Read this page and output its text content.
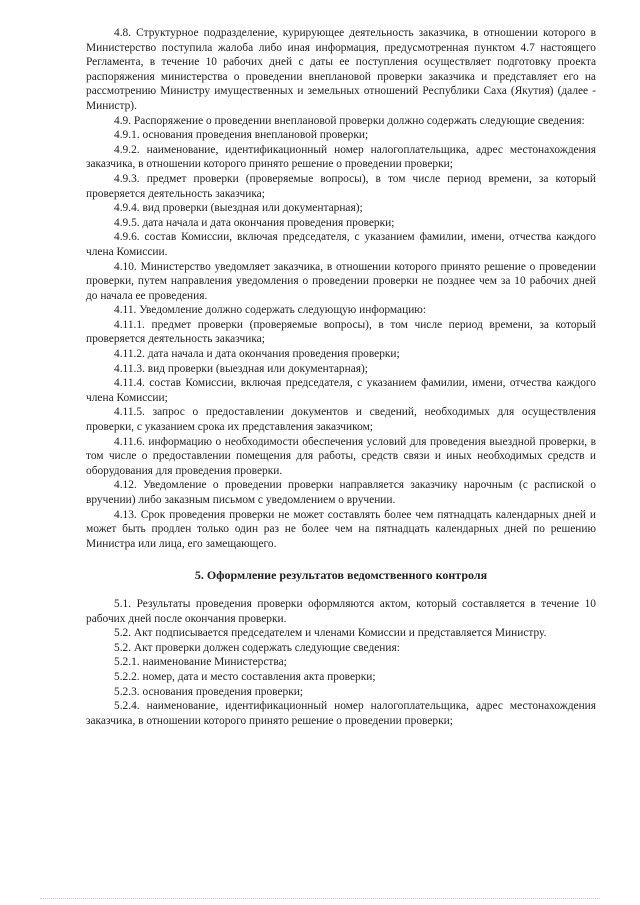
4.8. Структурное подразделение, курирующее деятельность заказчика, в отношении которого в Министерство поступила жалоба либо иная информация, предусмотренная пунктом 4.7 настоящего Регламента, в течение 10 рабочих дней с даты ее поступления осуществляет подготовку проекта распоряжения министерства о проведении внеплановой проверки заказчика и представляет его на рассмотрению Министру имущественных и земельных отношений Республики Саха (Якутия) (далее - Министр).

4.9. Распоряжение о проведении внеплановой проверки должно содержать следующие сведения:

4.9.1. основания проведения внеплановой проверки;

4.9.2. наименование, идентификационный номер налогоплательщика, адрес местонахождения заказчика, в отношении которого принято решение о проведении проверки;

4.9.3. предмет проверки (проверяемые вопросы), в том числе период времени, за который проверяется деятельность заказчика;

4.9.4. вид проверки (выездная или документарная);

4.9.5. дата начала и дата окончания проведения проверки;

4.9.6. состав Комиссии, включая председателя, с указанием фамилии, имени, отчества каждого члена Комиссии.

4.10. Министерство уведомляет заказчика, в отношении которого принято решение о проведении проверки, путем направления уведомления о проведении проверки не позднее чем за 10 рабочих дней до начала ее проведения.

4.11. Уведомление должно содержать следующую информацию:

4.11.1. предмет проверки (проверяемые вопросы), в том числе период времени, за который проверяется деятельность заказчика;

4.11.2. дата начала и дата окончания проведения проверки;

4.11.3. вид проверки (выездная или документарная);

4.11.4. состав Комиссии, включая председателя, с указанием фамилии, имени, отчества каждого члена Комиссии;

4.11.5. запрос о предоставлении документов и сведений, необходимых для осуществления проверки, с указанием срока их представления заказчиком;

4.11.6. информацию о необходимости обеспечения условий для проведения выездной проверки, в том числе о предоставлении помещения для работы, средств связи и иных необходимых средств и оборудования для проведения проверки.

4.12. Уведомление о проведении проверки направляется заказчику нарочным (с распиской о вручении) либо заказным письмом с уведомлением о вручении.

4.13. Срок проведения проверки не может составлять более чем пятнадцать календарных дней и может быть продлен только один раз не более чем на пятнадцать календарных дней по решению Министра или лица, его замещающего.

5. Оформление результатов ведомственного контроля

5.1. Результаты проведения проверки оформляются актом, который составляется в течение 10 рабочих дней после окончания проверки.

5.2. Акт подписывается председателем и членами Комиссии и представляется Министру.

5.2. Акт проверки должен содержать следующие сведения:

5.2.1. наименование Министерства;

5.2.2. номер, дата и место составления акта проверки;

5.2.3. основания проведения проверки;

5.2.4. наименование, идентификационный номер налогоплательщика, адрес местонахождения заказчика, в отношении которого принято решение о проведении проверки;
